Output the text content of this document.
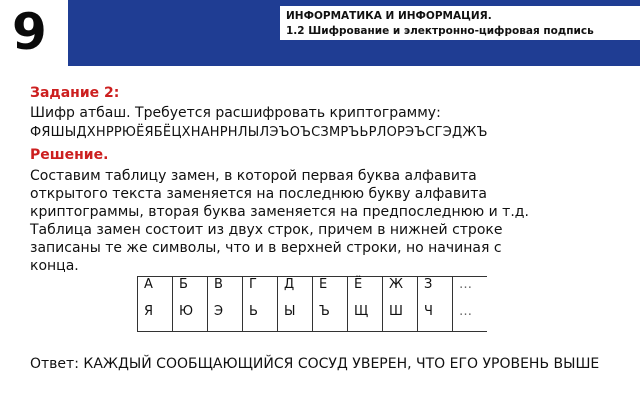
9	ИНФОРМАТИКА И ИНФОРМАЦИЯ.
1.2 Шифрование и электронно-цифровая подпись
Задание 2:
Шифр атбаш. Требуется расшифровать криптограмму:
ФЯШЫДХНРРЮЁЯБЁЦХНАНРНЛЫЛЭЪОЪСЗМРЪЬРЛОРЭЪСГЭДЖЪ
Решение.
Составим таблицу замен, в которой первая буква алфавита
открытого текста заменяется на последнюю букву алфавита
криптограммы, вторая буква заменяется на предпоследнюю и т.д.
Таблица замен состоит из двух строк, причем в нижней строке
записаны те же символы, что и в верхней строки, но начиная с
конца.
А	Б	В	Г	Д	Е	Ё	Ж	З	…
Я	Ю	Э	Ь	Ы	Ъ	Щ	Ш	Ч	…
Ответ: КАЖДЫЙ СООБЩАЮЩИЙСЯ СОСУД УВЕРЕН, ЧТО ЕГО УРОВЕНЬ ВЫШЕ
